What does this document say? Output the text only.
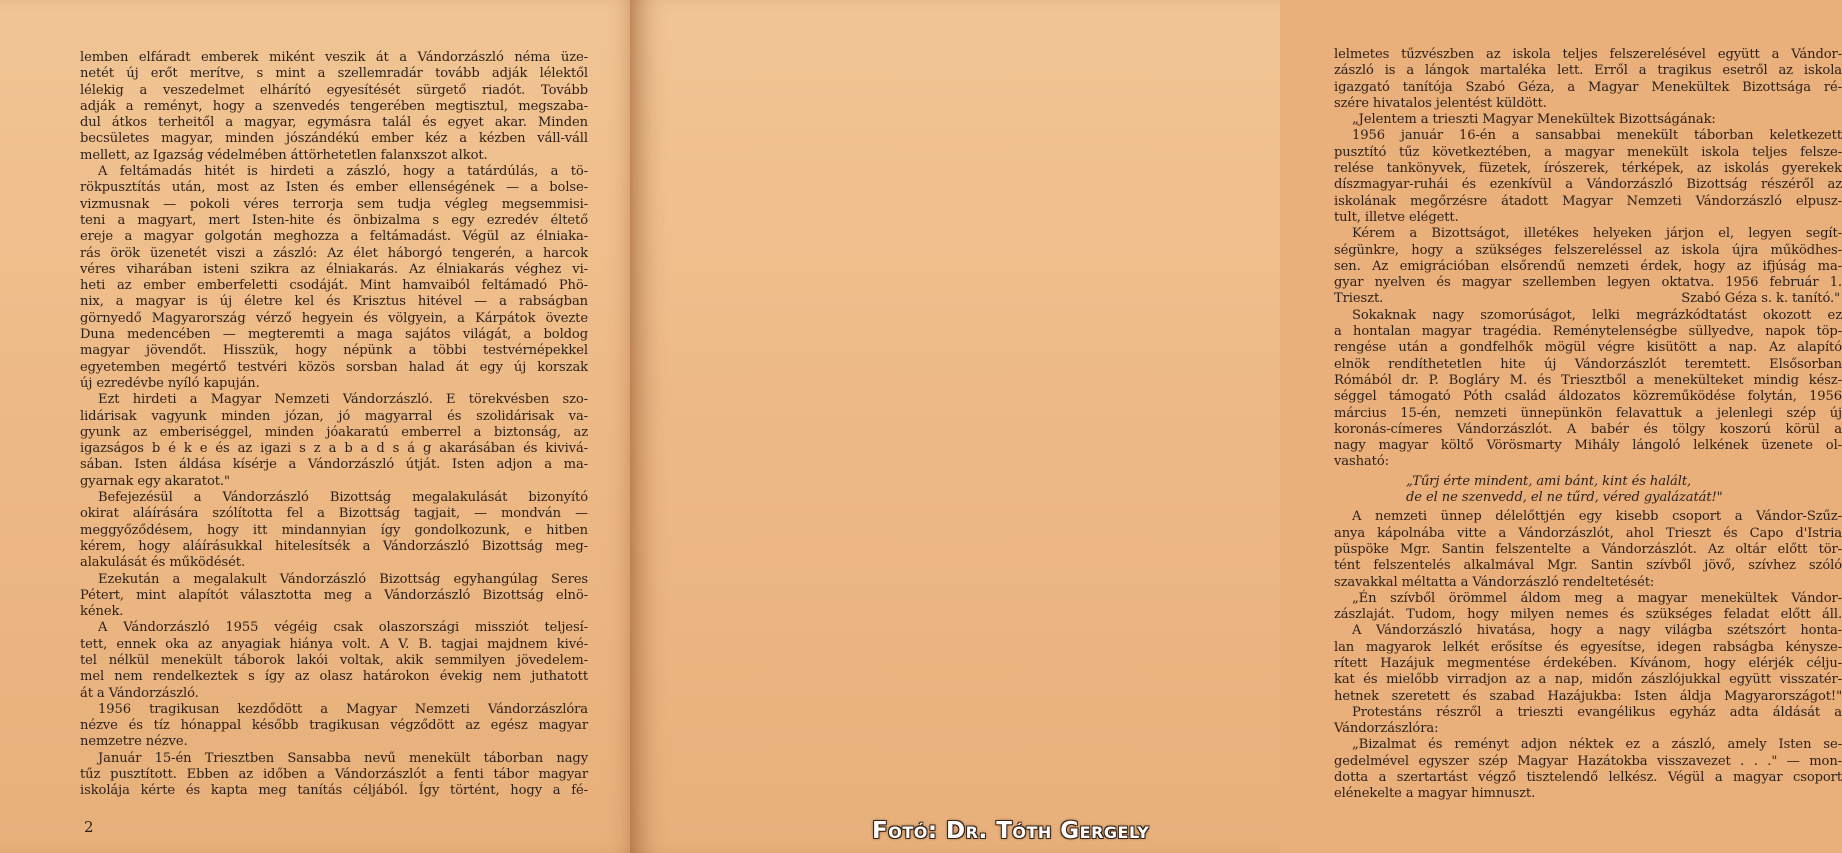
lemben elfáradt emberek miként veszik át a Vándorzászló néma üze-
netét új erőt merítve, s mint a szellemradár tovább adják lélektől
lélekig a veszedelmet elhárító egyesítését sürgető riadót. Tovább
adják a reményt, hogy a szenvedés tengerében megtisztul, megszaba-
dul átkos terheitől a magyar, egymásra talál és egyet akar. Minden
becsületes magyar, minden jószándékú ember kéz a kézben váll-váll
mellett, az Igazság védelmében áttörhetetlen falanxszot alkot.
A feltámadás hitét is hirdeti a zászló, hogy a tatárdúlás, a tö-
rökpusztítás után, most az Isten és ember ellenségének — a bolse-
vizmusnak — pokoli véres terrorja sem tudja végleg megsemmisi-
teni a magyart, mert Isten-hite és önbizalma s egy ezredév éltető
ereje a magyar golgotán meghozza a feltámadást. Végül az élniaka-
rás örök üzenetét viszi a zászló: Az élet háborgó tengerén, a harcok
véres viharában isteni szikra az élniakarás. Az élniakarás véghez vi-
heti az ember emberfeletti csodáját. Mint hamvaiból feltámadó Phö-
nix, a magyar is új életre kel és Krisztus hitével — a rabságban
görnyedő Magyarország vérző hegyein és völgyein, a Kárpátok övezte
Duna medencében — megteremti a maga sajátos világát, a boldog
magyar jövendőt. Hisszük, hogy népünk a többi testvérnépekkel
egyetemben megértő testvéri közös sorsban halad át egy új korszak
új ezredévbe nyíló kapuján.
Ezt hirdeti a Magyar Nemzeti Vándorzászló. E törekvésben szo-
lidárisak vagyunk minden józan, jó magyarral és szolidárisak va-
gyunk az emberiséggel, minden jóakaratú emberrel a biztonság, az
igazságos b é k e és az igazi s z a b a d s á g akarásában és kivivá-
sában. Isten áldása kísérje a Vándorzászló útját. Isten adjon a ma-
gyarnak egy akaratot."
Befejezésül a Vándorzászló Bizottság megalakulását bizonyító
okirat aláírására szólította fel a Bizottság tagjait, — mondván —
meggyőződésem, hogy itt mindannyian így gondolkozunk, e hitben
kérem, hogy aláírásukkal hitelesítsék a Vándorzászló Bizottság meg-
alakulását és működését.
Ezekután a megalakult Vándorzászló Bizottság egyhangúlag Seres
Pétert, mint alapítót választotta meg a Vándorzászló Bizottság elnö-
kének.
A Vándorzászló 1955 végéig csak olaszországi missziót teljesí-
tett, ennek oka az anyagiak hiánya volt. A V. B. tagjai majdnem kivé-
tel nélkül menekült táborok lakói voltak, akik semmilyen jövedelem-
mel nem rendelkeztek s így az olasz határokon évekig nem juthatott
át a Vándorzászló.
1956 tragikusan kezdődött a Magyar Nemzeti Vándorzászlóra
nézve és tíz hónappal később tragikusan végződött az egész magyar
nemzetre nézve.
Január 15-én Triesztben Sansabba nevű menekült táborban nagy
tűz pusztított. Ebben az időben a Vándorzászlót a fenti tábor magyar
iskolája kérte és kapta meg tanítás céljából. Így történt, hogy a fé-
2
lelmetes tűzvészben az iskola teljes felszerelésével együtt a Vándor-
zászló is a lángok martaléka lett. Erről a tragikus esetről az iskola
igazgató tanítója Szabó Géza, a Magyar Menekültek Bizottsága ré-
szére hivatalos jelentést küldött.
„Jelentem a trieszti Magyar Menekültek Bizottságának:
1956 január 16-én a sansabbai menekült táborban keletkezett
pusztító tűz következtében, a magyar menekült iskola teljes felsze-
relése tankönyvek, füzetek, írószerek, térképek, az iskolás gyerekek
díszmagyar-ruhái és ezenkívül a Vándorzászló Bizottság részéről az
iskolának megőrzésre átadott Magyar Nemzeti Vándorzászló elpusz-
tult, illetve elégett.
Kérem a Bizottságot, illetékes helyeken járjon el, legyen segít-
ségünkre, hogy a szükséges felszereléssel az iskola újra működhes-
sen. Az emigrációban elsőrendű nemzeti érdek, hogy az ifjúság ma-
gyar nyelven és magyar szellemben legyen oktatva. 1956 február 1.
Trieszt.	Szabó Géza s. k. tanító."
Sokaknak nagy szomorúságot, lelki megrázkódtatást okozott ez
a hontalan magyar tragédia. Reménytelenségbe süllyedve, napok töp-
rengése után a gondfelhők mögül végre kisütött a nap. Az alapító
elnök rendíthetetlen hite új Vándorzászlót teremtett. Elsősorban
Rómából dr. P. Boglárу M. és Triesztből a menekülteket mindig kész-
séggel támogató Póth család áldozatos közreműködése folytán, 1956
március 15-én, nemzeti ünnepünkön felavattuk a jelenlegi szép új
koronás-címeres Vándorzászlót. A babér és tölgy koszorú körül a
nagy magyar költő Vörösmarty Mihály lángoló lelkének üzenete ol-
vasható:
„Tűrj érte mindent, ami bánt, kint és halált,
de el ne szenvedd, el ne tűrd, véred gyalázatát!"
A nemzeti ünnep délelőttjén egy kisebb csoport a Vándor-Szűz-
anya kápolnába vitte a Vándorzászlót, ahol Trieszt és Capo d'Istria
püspöke Mgr. Santin felszentelte a Vándorzászlót. Az oltár előtt tör-
tént felszentelés alkalmával Mgr. Santin szívből jövő, szívhez szóló
szavakkal méltatta a Vándorzászló rendeltetését:
„Én szívből örömmel áldom meg a magyar menekültek Vándor-
zászlaját. Tudom, hogy milyen nemes és szükséges feladat előtt áll.
A Vándorzászló hivatása, hogy a nagy világba szétszórt honta-
lan magyarok lelkét erősítse és egyesítse, idegen rabságba kényszе-
rített Hazájuk megmentése érdekében. Kívánom, hogy elérjék célju-
kat és mielőbb virradjon az a nap, midőn zászlójukkal együtt visszatér-
hetnek szeretett és szabad Hazájukba: Isten áldja Magyarországot!"
Protestáns részről a trieszti evangélikus egyház adta áldását a
Vándorzászlóra:
„Bizalmat és reményt adjon néktek ez a zászló, amely Isten se-
gedelmével egyszer szép Magyar Hazátokba visszavezet . . ." — mon-
dotta a szertartást végző tisztelendő lelkész. Végül a magyar csoport
elénekelte a magyar himnuszt.
Fotó: Dr. Tóth Gergely
